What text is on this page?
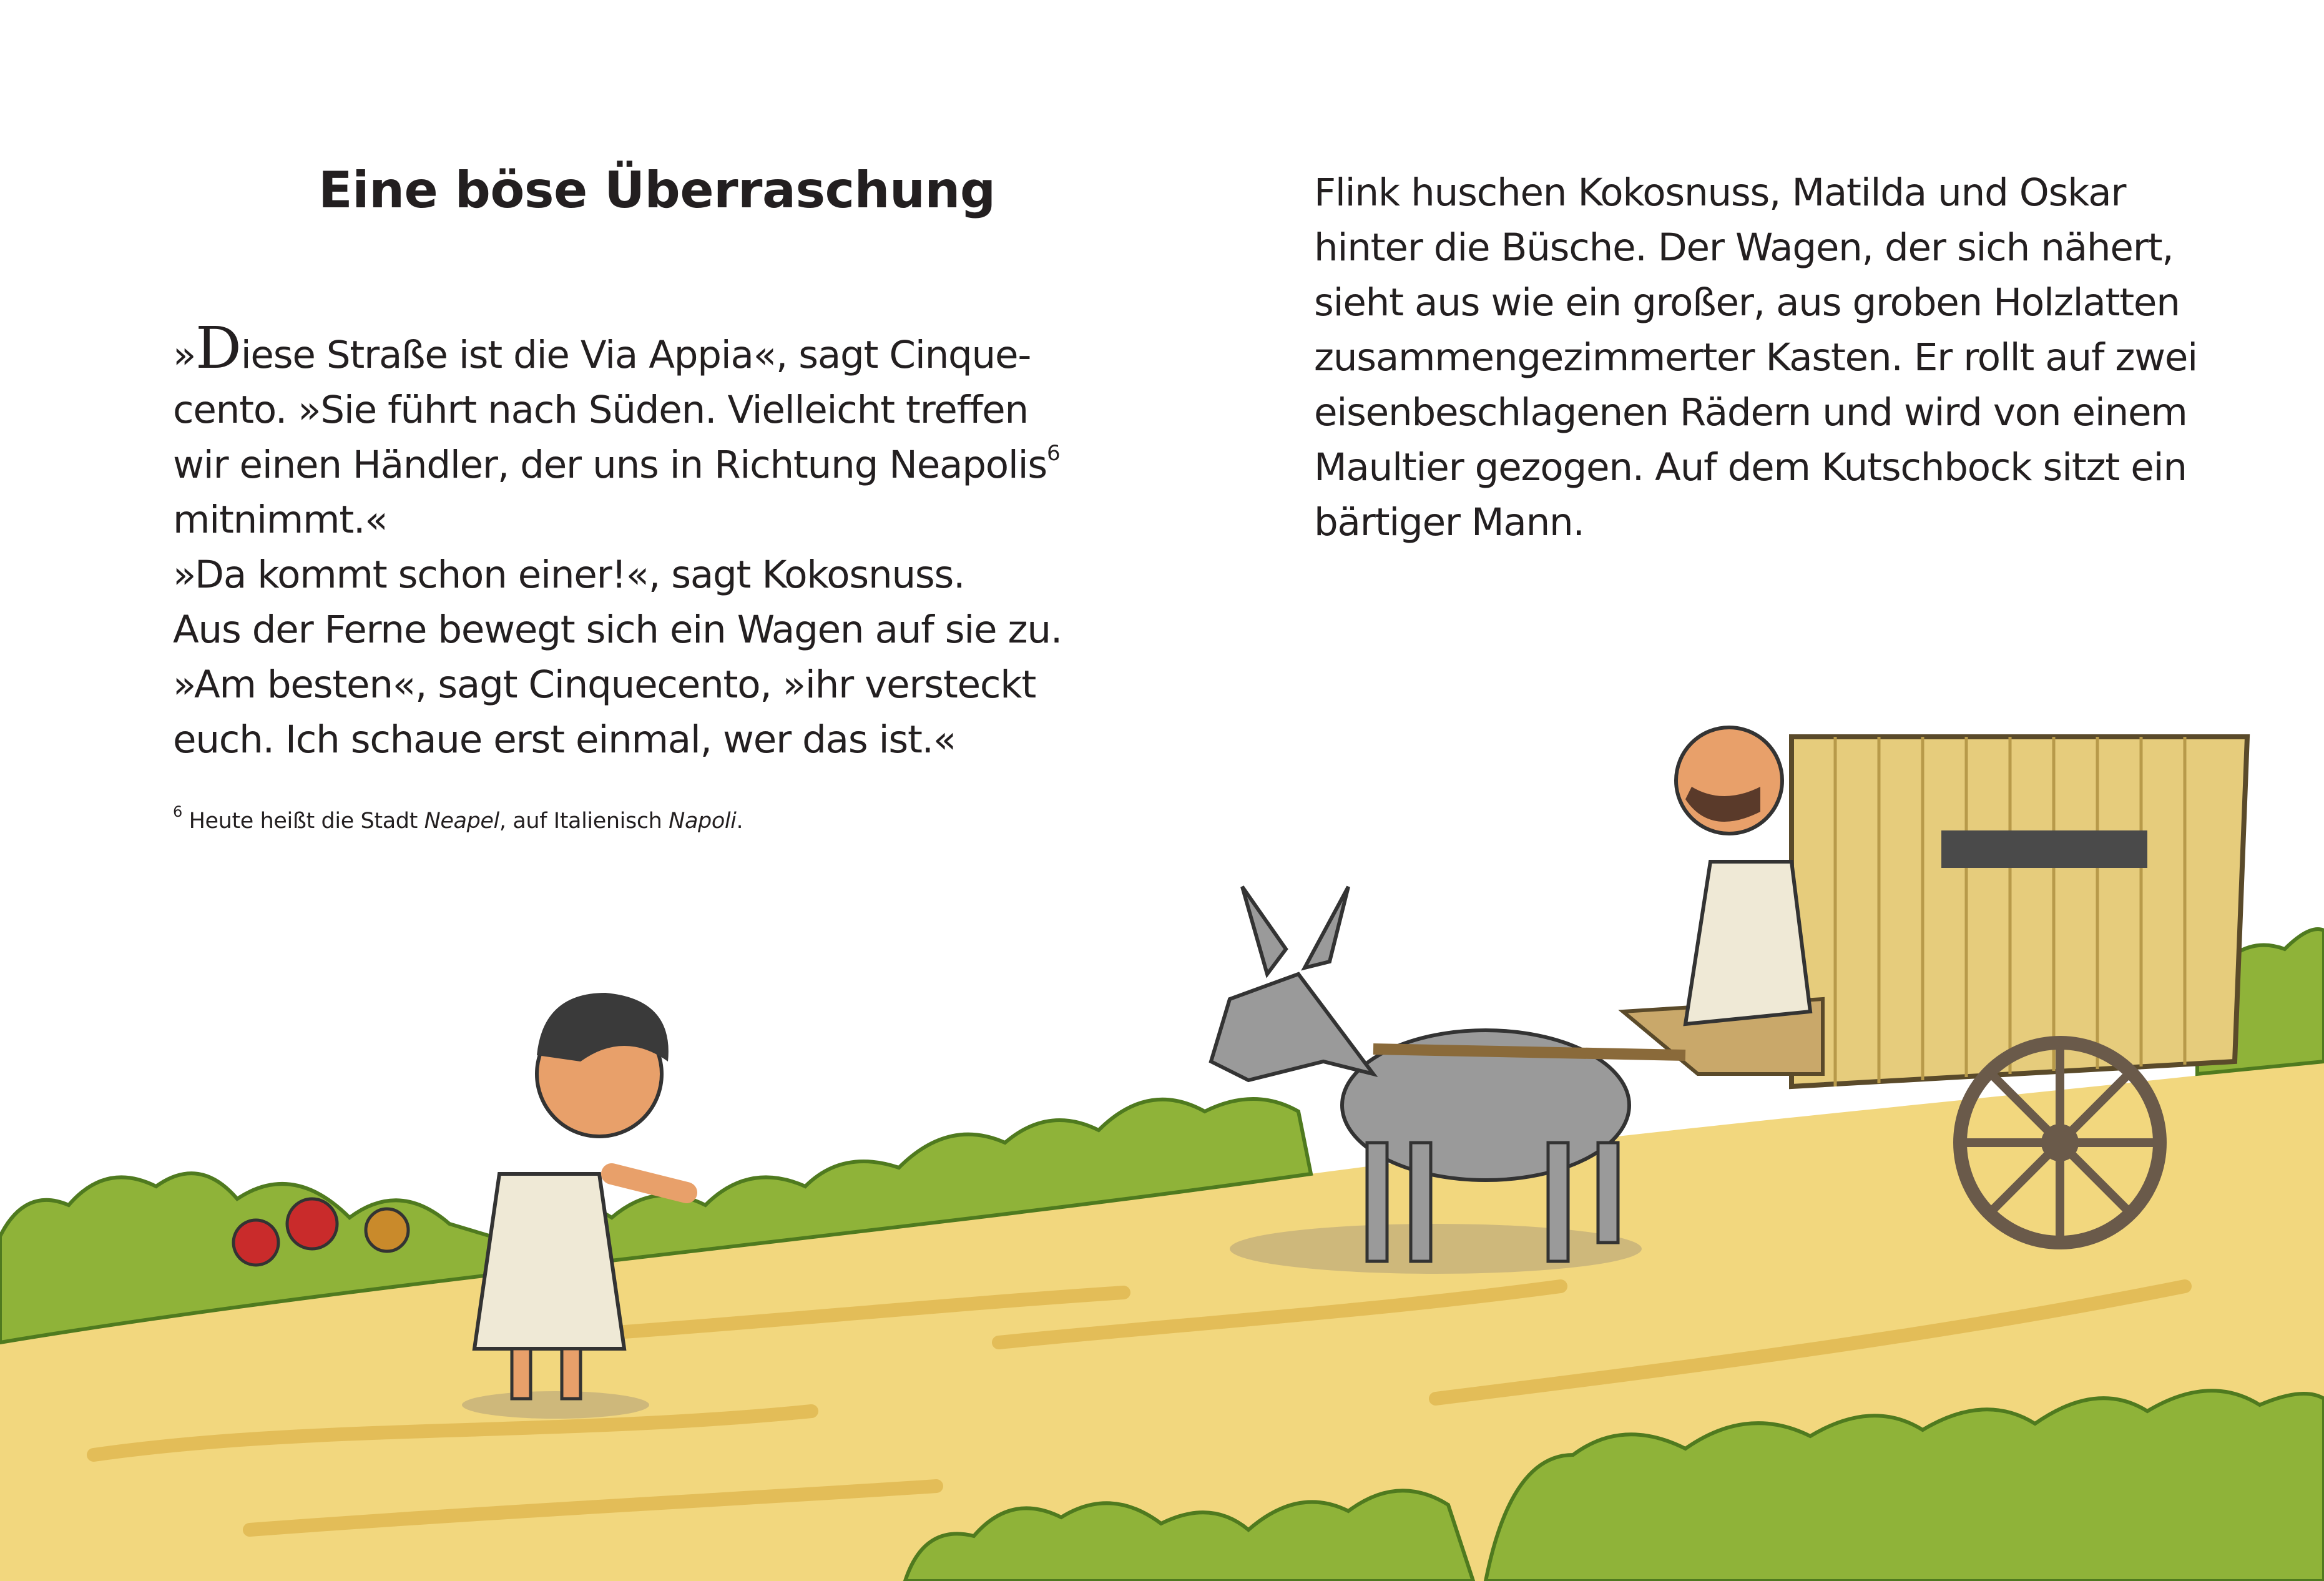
Eine böse Überraschung
»Diese Straße ist die Via Appia«, sagt Cinque-
cento. »Sie führt nach Süden. Vielleicht treffen
wir einen Händler, der uns in Richtung Neapolis$^6$
mitnimmt.«
»Da kommt schon einer!«, sagt Kokosnuss.
Aus der Ferne bewegt sich ein Wagen auf sie zu.
»Am besten«, sagt Cinquecento, »ihr versteckt
euch. Ich schaue erst einmal, wer das ist.«
$^6$ Heute heißt die Stadt Neapel, auf Italienisch Napoli.
Flink huschen Kokosnuss, Matilda und Oskar
hinter die Büsche. Der Wagen, der sich nähert,
sieht aus wie ein großer, aus groben Holzlatten
zusammengezimmerter Kasten. Er rollt auf zwei
eisenbeschlagenen Rädern und wird von einem
Maultier gezogen. Auf dem Kutschbock sitzt ein
bärtiger Mann.
